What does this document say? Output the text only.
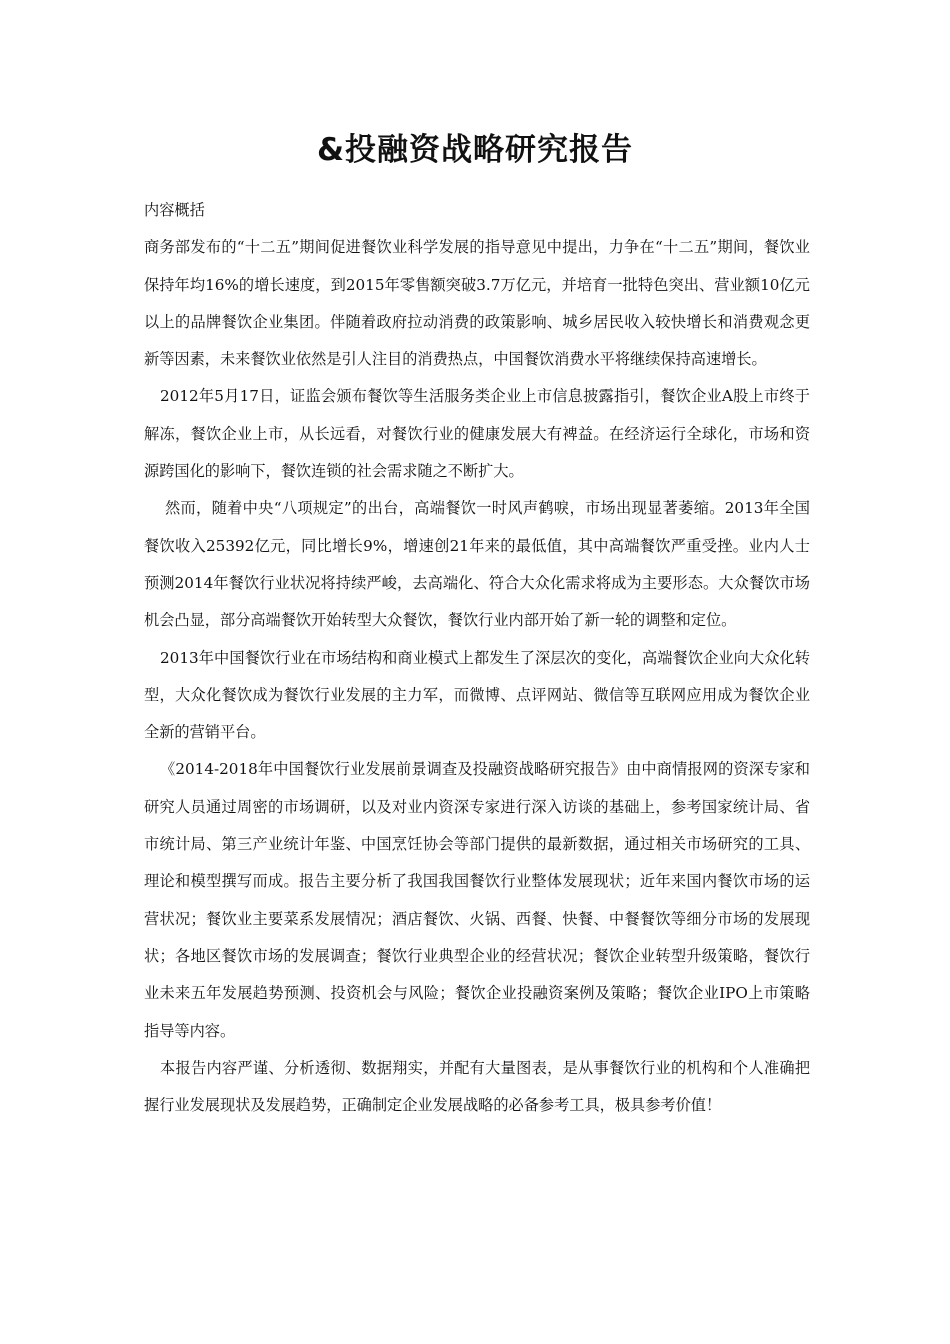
&投融资战略研究报告

内容概括

商务部发布的“十二五”期间促进餐饮业科学发展的指导意见中提出，力争在“十二五”期间，餐饮业保持年均16%的增长速度，到2015年零售额突破3.7万亿元，并培育一批特色突出、营业额10亿元以上的品牌餐饮企业集团。伴随着政府拉动消费的政策影响、城乡居民收入较快增长和消费观念更新等因素，未来餐饮业依然是引人注目的消费热点，中国餐饮消费水平将继续保持高速增长。

2012年5月17日，证监会颁布餐饮等生活服务类企业上市信息披露指引，餐饮企业A股上市终于解冻，餐饮企业上市，从长远看，对餐饮行业的健康发展大有裨益。在经济运行全球化，市场和资源跨国化的影响下，餐饮连锁的社会需求随之不断扩大。

然而，随着中央“八项规定”的出台，高端餐饮一时风声鹤唳，市场出现显著萎缩。2013年全国餐饮收入25392亿元，同比增长9%，增速创21年来的最低值，其中高端餐饮严重受挫。业内人士预测2014年餐饮行业状况将持续严峻，去高端化、符合大众化需求将成为主要形态。大众餐饮市场机会凸显，部分高端餐饮开始转型大众餐饮，餐饮行业内部开始了新一轮的调整和定位。

2013年中国餐饮行业在市场结构和商业模式上都发生了深层次的变化，高端餐饮企业向大众化转型，大众化餐饮成为餐饮行业发展的主力军，而微博、点评网站、微信等互联网应用成为餐饮企业全新的营销平台。

《2014-2018年中国餐饮行业发展前景调查及投融资战略研究报告》由中商情报网的资深专家和研究人员通过周密的市场调研，以及对业内资深专家进行深入访谈的基础上，参考国家统计局、省市统计局、第三产业统计年鉴、中国烹饪协会等部门提供的最新数据，通过相关市场研究的工具、理论和模型撰写而成。报告主要分析了我国我国餐饮行业整体发展现状；近年来国内餐饮市场的运营状况；餐饮业主要菜系发展情况；酒店餐饮、火锅、西餐、快餐、中餐餐饮等细分市场的发展现状；各地区餐饮市场的发展调查；餐饮行业典型企业的经营状况；餐饮企业转型升级策略，餐饮行业未来五年发展趋势预测、投资机会与风险；餐饮企业投融资案例及策略；餐饮企业IPO上市策略指导等内容。

本报告内容严谨、分析透彻、数据翔实，并配有大量图表，是从事餐饮行业的机构和个人准确把握行业发展现状及发展趋势，正确制定企业发展战略的必备参考工具，极具参考价值！
